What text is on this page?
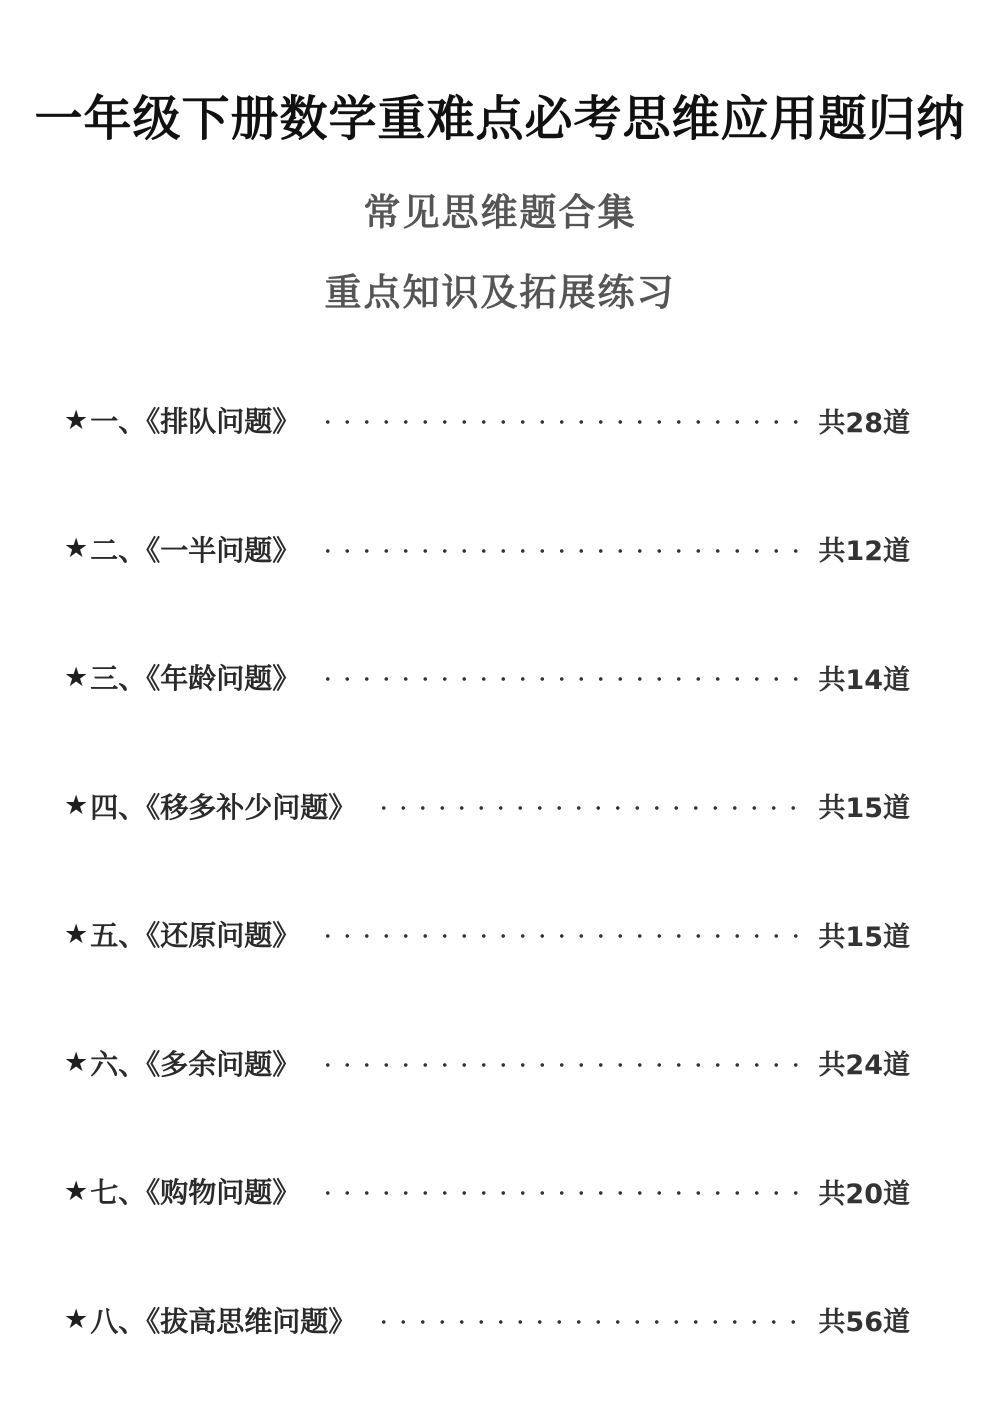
一年级下册数学重难点必考思维应用题归纳
常见思维题合集
重点知识及拓展练习
★ 一、《排队问题》	共28道
★ 二、《一半问题》	共12道
★ 三、《年龄问题》	共14道
★ 四、《移多补少问题》	共15道
★ 五、《还原问题》	共15道
★ 六、《多余问题》	共24道
★ 七、《购物问题》	共20道
★ 八、《拔高思维问题》	共56道
